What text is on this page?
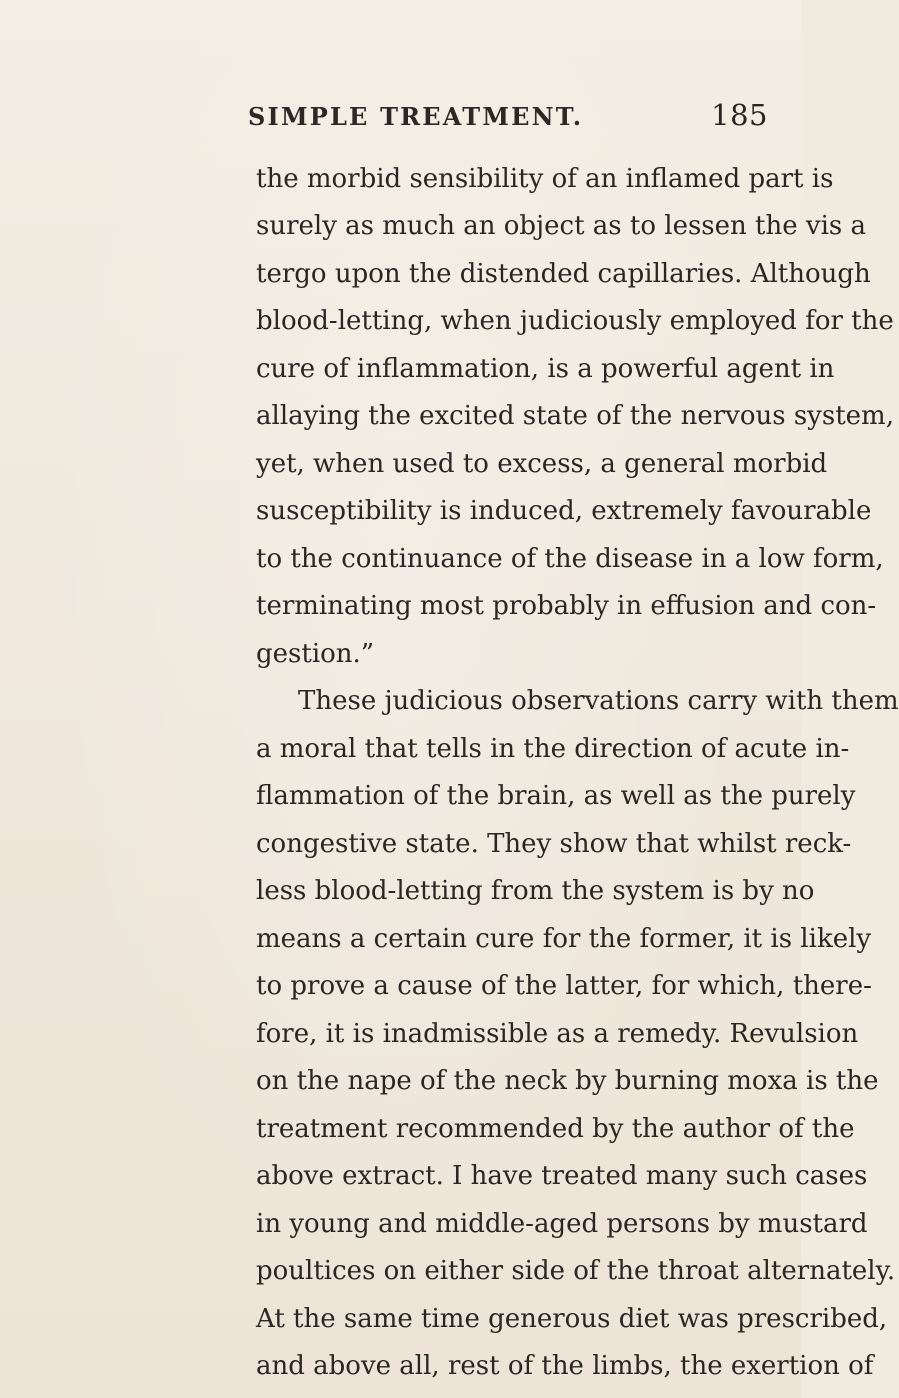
SIMPLE TREATMENT.	185
the morbid sensibility of an inflamed part is
surely as much an object as to lessen the vis a
tergo upon the distended capillaries. Although
blood-letting, when judiciously employed for the
cure of inflammation, is a powerful agent in
allaying the excited state of the nervous system,
yet, when used to excess, a general morbid
susceptibility is induced, extremely favourable
to the continuance of the disease in a low form,
terminating most probably in effusion and con-
gestion.”
These judicious observations carry with them
a moral that tells in the direction of acute in-
flammation of the brain, as well as the purely
congestive state. They show that whilst reck-
less blood-letting from the system is by no
means a certain cure for the former, it is likely
to prove a cause of the latter, for which, there-
fore, it is inadmissible as a remedy. Revulsion
on the nape of the neck by burning moxa is the
treatment recommended by the author of the
above extract. I have treated many such cases
in young and middle-aged persons by mustard
poultices on either side of the throat alternately.
At the same time generous diet was prescribed,
and above all, rest of the limbs, the exertion of
